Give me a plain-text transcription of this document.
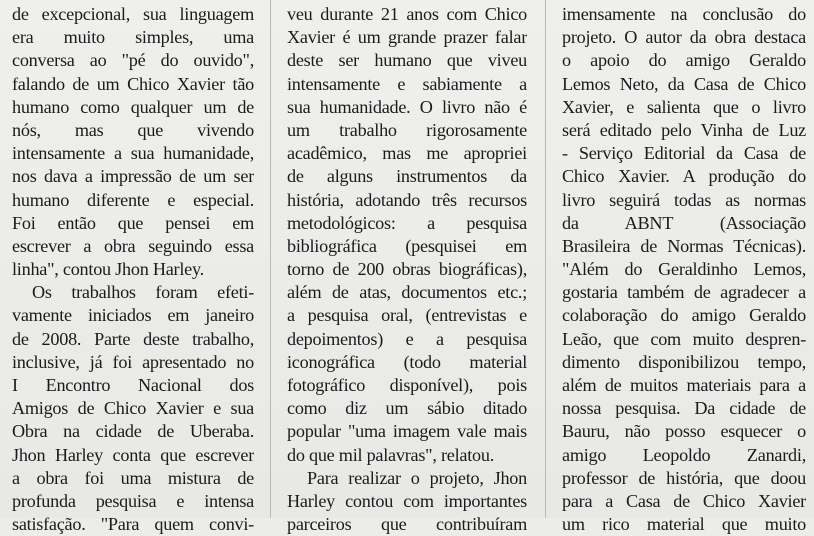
de excepcional, sua linguagem
era muito simples, uma
conversa ao "pé do ouvido",
falando de um Chico Xavier tão
humano como qualquer um de
nós, mas que vivendo
intensamente a sua humanidade,
nos dava a impressão de um ser
humano diferente e especial.
Foi então que pensei em
escrever a obra seguindo essa
linha", contou Jhon Harley.
Os trabalhos foram efeti-
vamente iniciados em janeiro
de 2008. Parte deste trabalho,
inclusive, já foi apresentado no
I Encontro Nacional dos
Amigos de Chico Xavier e sua
Obra na cidade de Uberaba.
Jhon Harley conta que escrever
a obra foi uma mistura de
profunda pesquisa e intensa
satisfação. "Para quem convi-
veu durante 21 anos com Chico
Xavier é um grande prazer falar
deste ser humano que viveu
intensamente e sabiamente a
sua humanidade. O livro não é
um trabalho rigorosamente
acadêmico, mas me apropriei
de alguns instrumentos da
história, adotando três recursos
metodológicos: a pesquisa
bibliográfica (pesquisei em
torno de 200 obras biográficas),
além de atas, documentos etc.;
a pesquisa oral, (entrevistas e
depoimentos) e a pesquisa
iconográfica (todo material
fotográfico disponível), pois
como diz um sábio ditado
popular "uma imagem vale mais
do que mil palavras", relatou.
Para realizar o projeto, Jhon
Harley contou com importantes
parceiros que contribuíram
imensamente na conclusão do
projeto. O autor da obra destaca
o apoio do amigo Geraldo
Lemos Neto, da Casa de Chico
Xavier, e salienta que o livro
será editado pelo Vinha de Luz
- Serviço Editorial da Casa de
Chico Xavier. A produção do
livro seguirá todas as normas
da ABNT (Associação
Brasileira de Normas Técnicas).
"Além do Geraldinho Lemos,
gostaria também de agradecer a
colaboração do amigo Geraldo
Leão, que com muito despren-
dimento disponibilizou tempo,
além de muitos materiais para a
nossa pesquisa. Da cidade de
Bauru, não posso esquecer o
amigo Leopoldo Zanardi,
professor de história, que doou
para a Casa de Chico Xavier
um rico material que muito
